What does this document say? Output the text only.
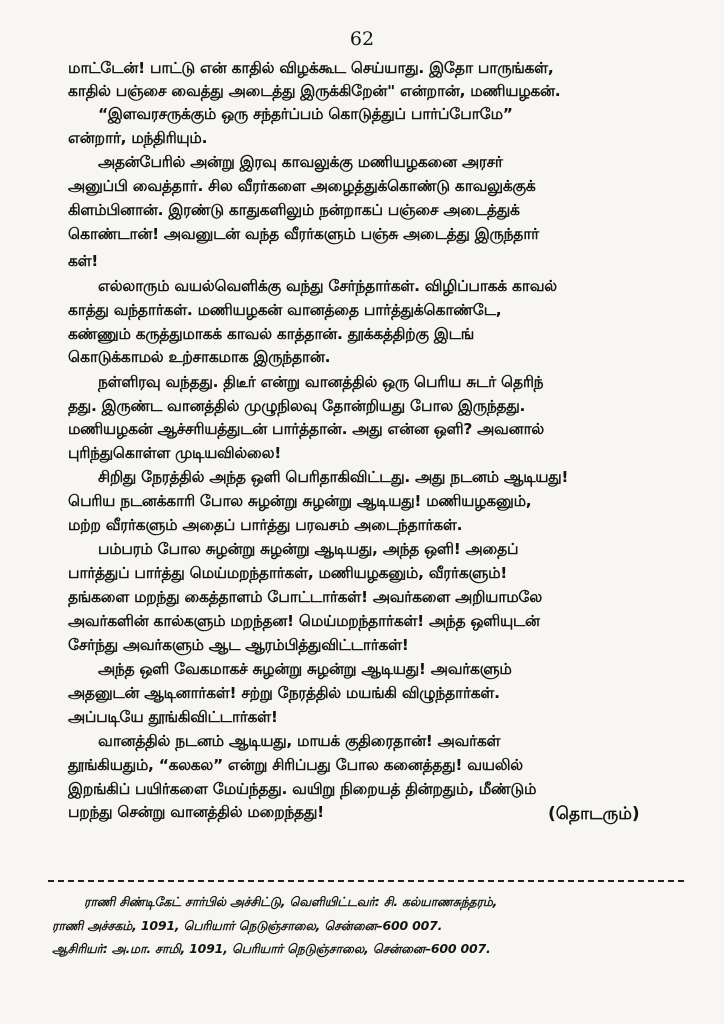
62
மாட்டேன்! பாட்டு என் காதில் விழக்கூட செய்யாது. இதோ பாருங்கள்,
காதில் பஞ்சை வைத்து அடைத்து இருக்கிறேன்" என்றான், மணியழகன்.
“இளவரசருக்கும் ஒரு சந்தர்ப்பம் கொடுத்துப் பார்ப்போமே”
என்றார், மந்திரியும்.
அதன்பேரில் அன்று இரவு காவலுக்கு மணியழகனை அரசர்
அனுப்பி வைத்தார். சில வீரர்களை அழைத்துக்கொண்டு காவலுக்குக்
கிளம்பினான். இரண்டு காதுகளிலும் நன்றாகப் பஞ்சை அடைத்துக்
கொண்டான்! அவனுடன் வந்த வீரர்களும் பஞ்சு அடைத்து இருந்தார்
கள்!
எல்லாரும் வயல்வெளிக்கு வந்து சேர்ந்தார்கள். விழிப்பாகக் காவல்
காத்து வந்தார்கள். மணியழகன் வானத்தை பார்த்துக்கொண்டே,
கண்ணும் கருத்துமாகக் காவல் காத்தான். தூக்கத்திற்கு இடங்
கொடுக்காமல் உற்சாகமாக இருந்தான்.
நள்ளிரவு வந்தது. திடீர் என்று வானத்தில் ஒரு பெரிய சுடர் தெரிந்
தது. இருண்ட வானத்தில் முழுநிலவு தோன்றியது போல இருந்தது.
மணியழகன் ஆச்சரியத்துடன் பார்த்தான். அது என்ன ஒளி? அவனால்
புரிந்துகொள்ள முடியவில்லை!
சிறிது நேரத்தில் அந்த ஒளி பெரிதாகிவிட்டது. அது நடனம் ஆடியது!
பெரிய நடனக்காரி போல சுழன்று சுழன்று ஆடியது! மணியழகனும்,
மற்ற வீரர்களும் அதைப் பார்த்து பரவசம் அடைந்தார்கள்.
பம்பரம் போல சுழன்று சுழன்று ஆடியது, அந்த ஒளி! அதைப்
பார்த்துப் பார்த்து மெய்மறந்தார்கள், மணியழகனும், வீரர்களும்!
தங்களை மறந்து கைத்தாளம் போட்டார்கள்! அவர்களை அறியாமலே
அவர்களின் கால்களும் மறந்தன! மெய்மறந்தார்கள்! அந்த ஒளியுடன்
சேர்ந்து அவர்களும் ஆட ஆரம்பித்துவிட்டார்கள்!
அந்த ஒளி வேகமாகச் சுழன்று சுழன்று ஆடியது! அவர்களும்
அதனுடன் ஆடினார்கள்! சற்று நேரத்தில் மயங்கி விழுந்தார்கள்.
அப்படியே தூங்கிவிட்டார்கள்!
வானத்தில் நடனம் ஆடியது, மாயக் குதிரைதான்! அவர்கள்
தூங்கியதும், “கலகல” என்று சிரிப்பது போல கனைத்தது! வயலில்
இறங்கிப் பயிர்களை மேய்ந்தது. வயிறு நிறையத் தின்றதும், மீண்டும்
பறந்து சென்று வானத்தில் மறைந்தது!	(தொடரும்)
ராணி சிண்டிகேட் சார்பில் அச்சிட்டு, வெளியிட்டவர்: சி. கல்யாணசுந்தரம்,
ராணி அச்சகம், 1091, பெரியார் நெடுஞ்சாலை, சென்னை–600 007.
ஆசிரியர்: அ.மா. சாமி, 1091, பெரியார் நெடுஞ்சாலை, சென்னை–600 007.
